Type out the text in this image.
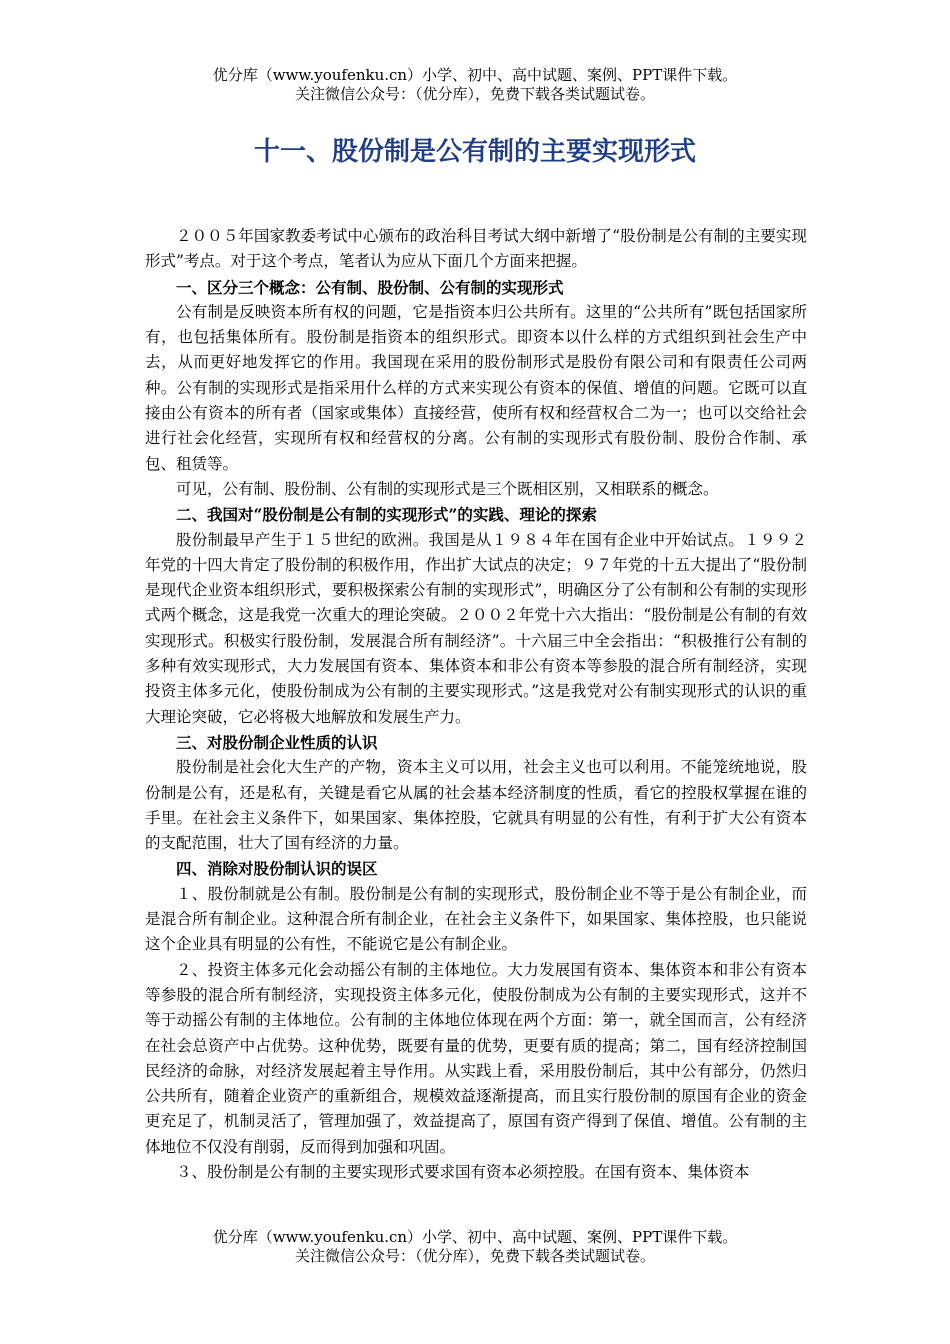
优分库（www.youfenku.cn）小学、初中、高中试题、案例、PPT课件下载。
关注微信公众号：（优分库），免费下载各类试题试卷。
十一、股份制是公有制的主要实现形式

２００５年国家教委考试中心颁布的政治科目考试大纲中新增了“股份制是公有制的主要实现形式”考点。对于这个考点，笔者认为应从下面几个方面来把握。

一、区分三个概念：公有制、股份制、公有制的实现形式

公有制是反映资本所有权的问题，它是指资本归公共所有。这里的“公共所有”既包括国家所有，也包括集体所有。股份制是指资本的组织形式。即资本以什么样的方式组织到社会生产中去，从而更好地发挥它的作用。我国现在采用的股份制形式是股份有限公司和有限责任公司两种。公有制的实现形式是指采用什么样的方式来实现公有资本的保值、增值的问题。它既可以直接由公有资本的所有者（国家或集体）直接经营，使所有权和经营权合二为一；也可以交给社会进行社会化经营，实现所有权和经营权的分离。公有制的实现形式有股份制、股份合作制、承包、租赁等。

可见，公有制、股份制、公有制的实现形式是三个既相区别，又相联系的概念。

二、我国对“股份制是公有制的实现形式”的实践、理论的探索

股份制最早产生于１５世纪的欧洲。我国是从１９８４年在国有企业中开始试点。１９９２年党的十四大肯定了股份制的积极作用，作出扩大试点的决定；９７年党的十五大提出了“股份制是现代企业资本组织形式，要积极探索公有制的实现形式”，明确区分了公有制和公有制的实现形式两个概念，这是我党一次重大的理论突破。２００２年党十六大指出：“股份制是公有制的有效实现形式。积极实行股份制，发展混合所有制经济”。十六届三中全会指出：“积极推行公有制的多种有效实现形式，大力发展国有资本、集体资本和非公有资本等参股的混合所有制经济，实现投资主体多元化，使股份制成为公有制的主要实现形式。”这是我党对公有制实现形式的认识的重大理论突破，它必将极大地解放和发展生产力。

三、对股份制企业性质的认识

股份制是社会化大生产的产物，资本主义可以用，社会主义也可以利用。不能笼统地说，股份制是公有，还是私有，关键是看它从属的社会基本经济制度的性质，看它的控股权掌握在谁的手里。在社会主义条件下，如果国家、集体控股，它就具有明显的公有性，有利于扩大公有资本的支配范围，壮大了国有经济的力量。

四、消除对股份制认识的误区

１、股份制就是公有制。股份制是公有制的实现形式，股份制企业不等于是公有制企业，而是混合所有制企业。这种混合所有制企业，在社会主义条件下，如果国家、集体控股，也只能说这个企业具有明显的公有性，不能说它是公有制企业。

２、投资主体多元化会动摇公有制的主体地位。大力发展国有资本、集体资本和非公有资本等参股的混合所有制经济，实现投资主体多元化，使股份制成为公有制的主要实现形式，这并不等于动摇公有制的主体地位。公有制的主体地位体现在两个方面：第一，就全国而言，公有经济在社会总资产中占优势。这种优势，既要有量的优势，更要有质的提高；第二，国有经济控制国民经济的命脉，对经济发展起着主导作用。从实践上看，采用股份制后，其中公有部分，仍然归公共所有，随着企业资产的重新组合，规模效益逐渐提高，而且实行股份制的原国有企业的资金更充足了，机制灵活了，管理加强了，效益提高了，原国有资产得到了保值、增值。公有制的主体地位不仅没有削弱，反而得到加强和巩固。

３、股份制是公有制的主要实现形式要求国有资本必须控股。在国有资本、集体资本

优分库（www.youfenku.cn）小学、初中、高中试题、案例、PPT课件下载。
关注微信公众号：（优分库），免费下载各类试题试卷。
